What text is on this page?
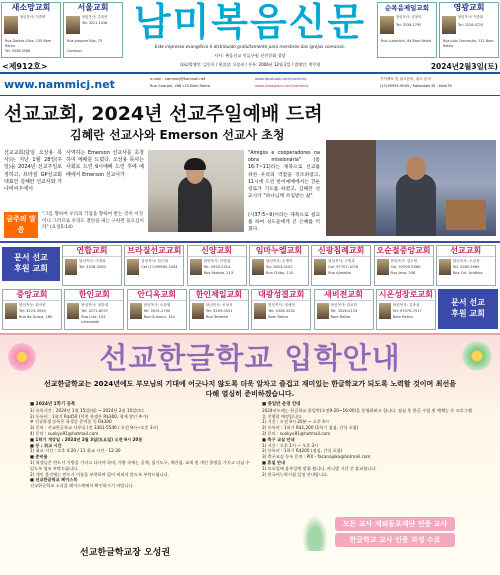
새소망교회
담임목사: 이종택
Rua Dantas Silva, 135 Bom Retiro
Tel: 3338-4568
서울교회
담임목사: 김대영
Tel: 3221-1436
Rua Joaquim Rijo, 75
Cambuci
남미복음신문
Este impresso evangélico é distribuído gratuitamente para membros das igrejas coreanas.
사시: 복음선교 인류구원 선진문화 창달
순복음제일교회
담임목사: 임형석
Tel: 3338-1795
Rua Lubavitch, 84 Bom Retiro
영광교회
담임목사: 이종률
Tel: 3228-4720
Rua Julio Conceição, 511 Bom Retiro
<제912호>	대표/발행인: 김동욱 / 편집장: 오종권 / 등록: 2006년 12월 2일 / 발행인: 박주영	2024년2월3일(토)
www.nammicj.net	e-mail : nammicj@hanmail.net
Rua Guarani, 268 L15-Bom Retiro
www.facebook.com/nammicj
www.instagram.com/nammicj
기사제보 및 광고문의, 광고 문의
(11)99955-9045 / Kakaotalk ID : kkkk78
선교교회, 2024년 선교주일예배 드려
김혜란 선교사와 Emerson 선교사 초청
선교교회(담임 오상용 목사)는 지난 1월 28일(주일)을 2024년 선교주일로 정하고, 브라질 GP선교회 대표인 김혜란 선교사와 가나비씨우에서
사역하는 Emerson 선교사를 초청하여 예배를 드렸다. 오상용 목사는 사회로 드린 9시예배 드린 후에 예배에서 Emerson 선교사가
"Amigos e cooperadores na obra missionária" (롬16:7~11)라는 제목으로 선교를 위한 우리의 역할을 강조하였고, 11시에 드린 한어예배에서는 진운 장로가 기도를 하였고, 김혜란 선교사가 "하나님께 쓰임받는 삶"
(사37:5~9)이라는 제목으로 설교를 하여 성도들에게 큰 은혜를 끼쳤다.
금주의 말씀
"그를 향하여 우리의 기업을 향하여 받는 것이 이것이니 그러므로 우리도 결단을 내는 구하면 들으심이라" (요일5:14)
문서 선교
후원 교회
문서 선교
후원 교회
연합교회
담임목사: 이정희
Tel: 3326-3200
브라질선교교회
담임목사: 한근희
Cel:(11)99985-1004
신양교회
담임목사: 이영섭
Tel: 2950-2314
Rua Atalaia, 213
임마누엘교회
담임목사: 손병탁
Tel: 2853-0102
Rua Chiba, 110
신광침례교회
담임목사: 고명록
Cel: 97707-1076
Rua Almeida
오순절중앙교회
담임목사: 김도영
Cel: 97000-5560
Rua Java, 208
선교교회
담임목사: 오상용
Tel: 3285-5964
Rua Cel. Antônio
중앙교회
담임목사: 최석현
Tel: 3223-3934
Rua da Graça, 180
한인교회
담임목사: 정한권
Tel: 3271-6037
Rua Luiz, 143 Liberdade
안디옥교회
담임목사: 오상철
Tel: 2091-2700
Rua Guarani, 144
한인제일교회
담임목사: 조성식
Tel: 3209-0531
Rua Tenente
대광성결교회
담임목사: 정예현
Tel: 3326-3232
Bom Retiro
새비전교회
담임목사: 한요한
Tel: 3326-0133
Bom Retiro
시온성장로교회
담임목사: 김종율
Tel: 97070-7517
Bom Retiro
선교한글학교 입학안내
선교한글학교는 2024년에도 부모님의 기대에 어긋나지 않도록 더욱 알차고 즐겁고 재미있는 한글학교가 되도록 노력할 것이며 최선을 다해 열심히 준비하겠습니다.
■ 2024년 1학기 등록
1) 등록기간 : 2024년 1월 15일(월) ~ 2024년 2월 10일(토)
2) 등록비 : 1학기 R$450 (이전 학생은 R$300, 형제 할인 추가)
※ 신규학생 등록은 학생증 준비물 등 R$300
3) 문의 : 선교한글학교 사무실 (전 3361-5546 / 오전 9시~오후 3시)
4) 문의 : sunkyo91@hotmail.com
■ 1학기 개강일 : 2024년 2월 3일(토요일) 오전 9시 20분
■ 등 : 취교 시간
1) 취교 시간 : 오후 4:20 / 11 취교 시간 - 12:30
■ 준비물
1) 학생들은 반드시 가방을 가지고 다녀야 하며, 가방 속에는 공책, 필기도구, 색연필, 교재 및 개인 물병을 가지고 다닐 수 있도록 협조 부탁드립니다.
2) 개인 물건에는 반드시 이름을 부착하여 잃어 버리지 않도록 부탁드립니다.
■ 선교한글학교 페이스북
선교한글학교 소식을 페이스북에서 확인하시기 바랍니다.
선교한글학교장 오성권
■ 종일반 운영 안내
2024년도에는 한글학교 종일반(오전9:20~16:00)을 운영하려고 합니다. 점심 후 한글 수업 및 예체능 등 프로그램을 진행할 예정입니다.
1) 시간 : 오전 9시 20분 ~ 오후 4시
2) 등록비 : 1학기 R$1,200 (1학기 점심, 간식 포함)
3) 문의 : sunkyo91@hotmail.com
■ 축구 교실 안내
1) 시간 : 오후 1시 ~ 오후 3시
2) 등록비 : 1학기 R$200 (점심, 간식 포함)
3) 축구교실 등록 문의 : PIX - facanajoko@hotmail.com
■ 휴일 안내
1) 토요일에 휴무일에 맞춰 쉽니다. 카니발 기간 중 휴교합니다.
2) 한국어능력시험 일정 안내합니다.
모든 교사 재외동포재단 인증 교사
한글학교 교사 인증 과정 수료
